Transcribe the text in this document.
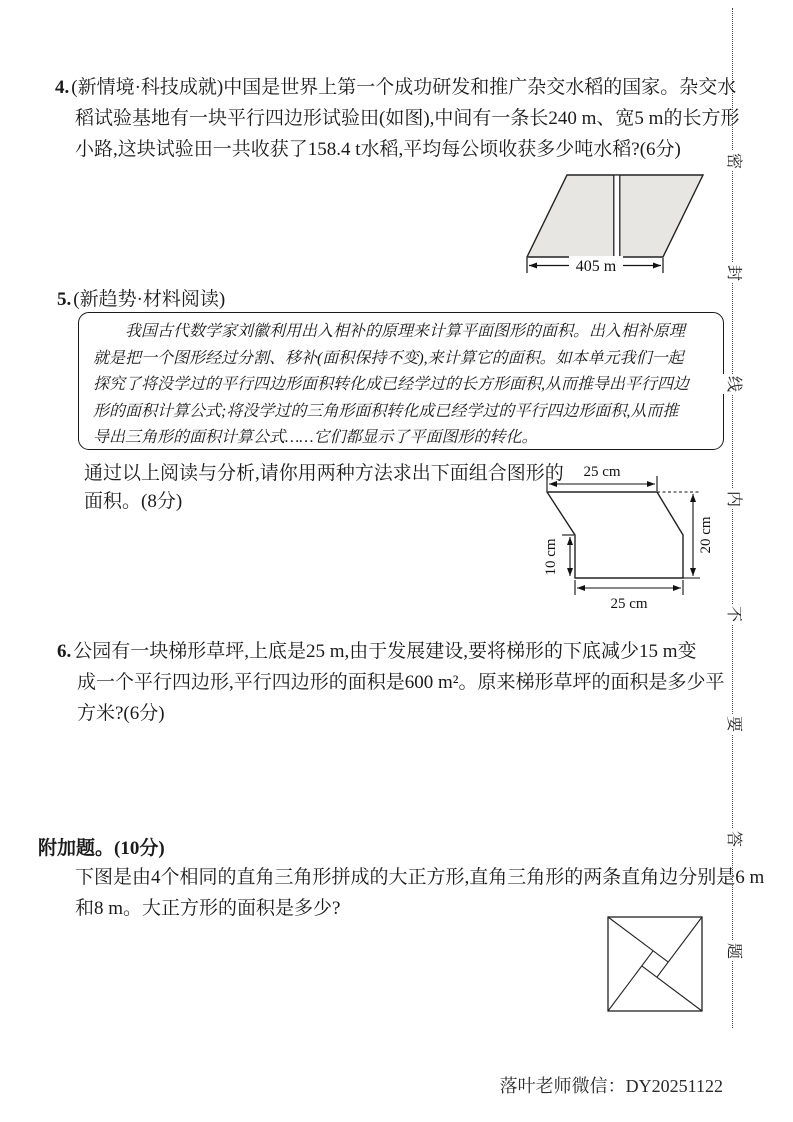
密
封
线
内
不
要
答
题
4. (新情境·科技成就)中国是世界上第一个成功研发和推广杂交水稻的国家。杂交水
稻试验基地有一块平行四边形试验田(如图),中间有一条长240 m、宽5 m的长方形
小路,这块试验田一共收获了158.4 t水稻,平均每公顷收获多少吨水稻?(6分)
405 m
5. (新趋势·材料阅读)
我国古代数学家刘徽利用出入相补的原理来计算平面图形的面积。出入相补原理
就是把一个图形经过分割、移补(面积保持不变),来计算它的面积。如本单元我们一起
探究了将没学过的平行四边形面积转化成已经学过的长方形面积,从而推导出平行四边
形的面积计算公式;将没学过的三角形面积转化成已经学过的平行四边形面积,从而推
导出三角形的面积计算公式……它们都显示了平面图形的转化。
通过以上阅读与分析,请你用两种方法求出下面组合图形的
面积。(8分)
25 cm
20 cm
10 cm
25 cm
6. 公园有一块梯形草坪,上底是25 m,由于发展建设,要将梯形的下底减少15 m变
成一个平行四边形,平行四边形的面积是600 m²。原来梯形草坪的面积是多少平
方米?(6分)
附加题。(10分)
下图是由4个相同的直角三角形拼成的大正方形,直角三角形的两条直角边分别是6 m
和8 m。大正方形的面积是多少?
落叶老师微信：DY20251122
